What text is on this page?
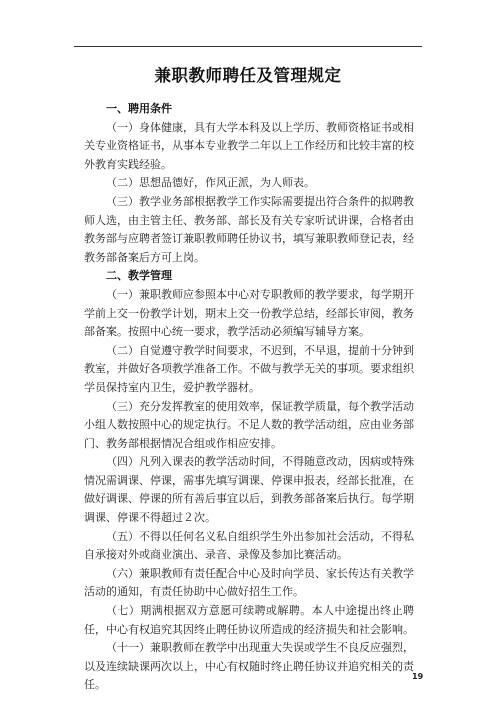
兼职教师聘任及管理规定

一、聘用条件

（一）身体健康，具有大学本科及以上学历、教师资格证书或相关专业资格证书，从事本专业教学二年以上工作经历和比较丰富的校外教育实践经验。

（二）思想品德好，作风正派，为人师表。

（三）教学业务部根据教学工作实际需要提出符合条件的拟聘教师人选，由主管主任、教务部、部长及有关专家听试讲课，合格者由教务部与应聘者签订兼职教师聘任协议书，填写兼职教师登记表，经教务部备案后方可上岗。

二、教学管理

（一）兼职教师应参照本中心对专职教师的教学要求，每学期开学前上交一份教学计划，期末上交一份教学总结，经部长审阅，教务部备案。按照中心统一要求，教学活动必须编写辅导方案。

（二）自觉遵守教学时间要求，不迟到，不早退，提前十分钟到教室，并做好各项教学准备工作。不做与教学无关的事项。要求组织学员保持室内卫生，爱护教学器材。

（三）充分发挥教室的使用效率，保证教学质量，每个教学活动小组人数按照中心的规定执行。不足人数的教学活动组，应由业务部门、教务部根据情况合组或作相应安排。

（四）凡列入课表的教学活动时间，不得随意改动，因病或特殊情况需调课、停课，需事先填写调课、停课申报表，经部长批准，在做好调课、停课的所有善后事宜以后，到教务部备案后执行。每学期调课、停课不得超过２次。

（五）不得以任何名义私自组织学生外出参加社会活动，不得私自承接对外或商业演出、录音、录像及参加比赛活动。

（六）兼职教师有责任配合中心及时向学员、家长传达有关教学活动的通知，有责任协助中心做好招生工作。

（七）期满根据双方意愿可续聘或解聘。本人中途提出终止聘任，中心有权追究其因终止聘任协议所造成的经济损失和社会影响。

（十一）兼职教师在教学中出现重大失误或学生不良反应强烈，以及连续缺课两次以上，中心有权随时终止聘任协议并追究相关的责任。

19
